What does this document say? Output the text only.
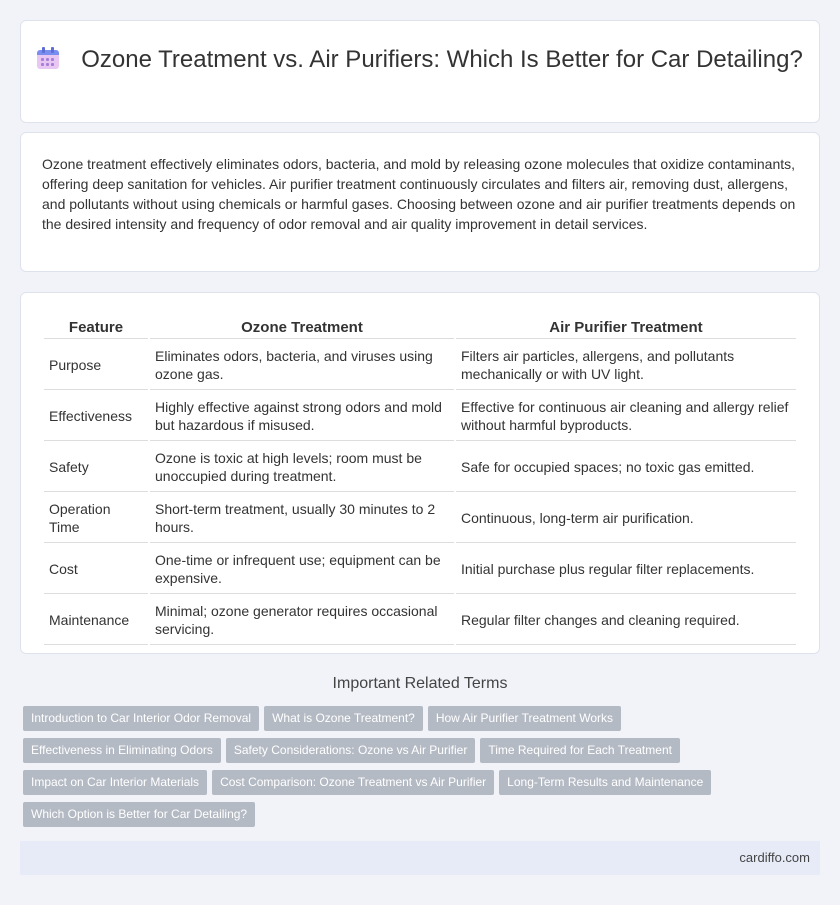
Ozone Treatment vs. Air Purifiers: Which Is Better for Car Detailing?

Ozone treatment effectively eliminates odors, bacteria, and mold by releasing ozone molecules that oxidize contaminants, offering deep sanitation for vehicles. Air purifier treatment continuously circulates and filters air, removing dust, allergens, and pollutants without using chemicals or harmful gases. Choosing between ozone and air purifier treatments depends on the desired intensity and frequency of odor removal and air quality improvement in detail services.

Feature	Ozone Treatment	Air Purifier Treatment
Purpose	Eliminates odors, bacteria, and viruses using ozone gas.	Filters air particles, allergens, and pollutants mechanically or with UV light.
Effectiveness	Highly effective against strong odors and mold but hazardous if misused.	Effective for continuous air cleaning and allergy relief without harmful byproducts.
Safety	Ozone is toxic at high levels; room must be unoccupied during treatment.	Safe for occupied spaces; no toxic gas emitted.
Operation Time	Short-term treatment, usually 30 minutes to 2 hours.	Continuous, long-term air purification.
Cost	One-time or infrequent use; equipment can be expensive.	Initial purchase plus regular filter replacements.
Maintenance	Minimal; ozone generator requires occasional servicing.	Regular filter changes and cleaning required.
Important Related Terms
Introduction to Car Interior Odor Removal What is Ozone Treatment? How Air Purifier Treatment Works
Effectiveness in Eliminating Odors Safety Considerations: Ozone vs Air Purifier Time Required for Each Treatment
Impact on Car Interior Materials Cost Comparison: Ozone Treatment vs Air Purifier Long-Term Results and Maintenance
Which Option is Better for Car Detailing?
cardiffo.com
